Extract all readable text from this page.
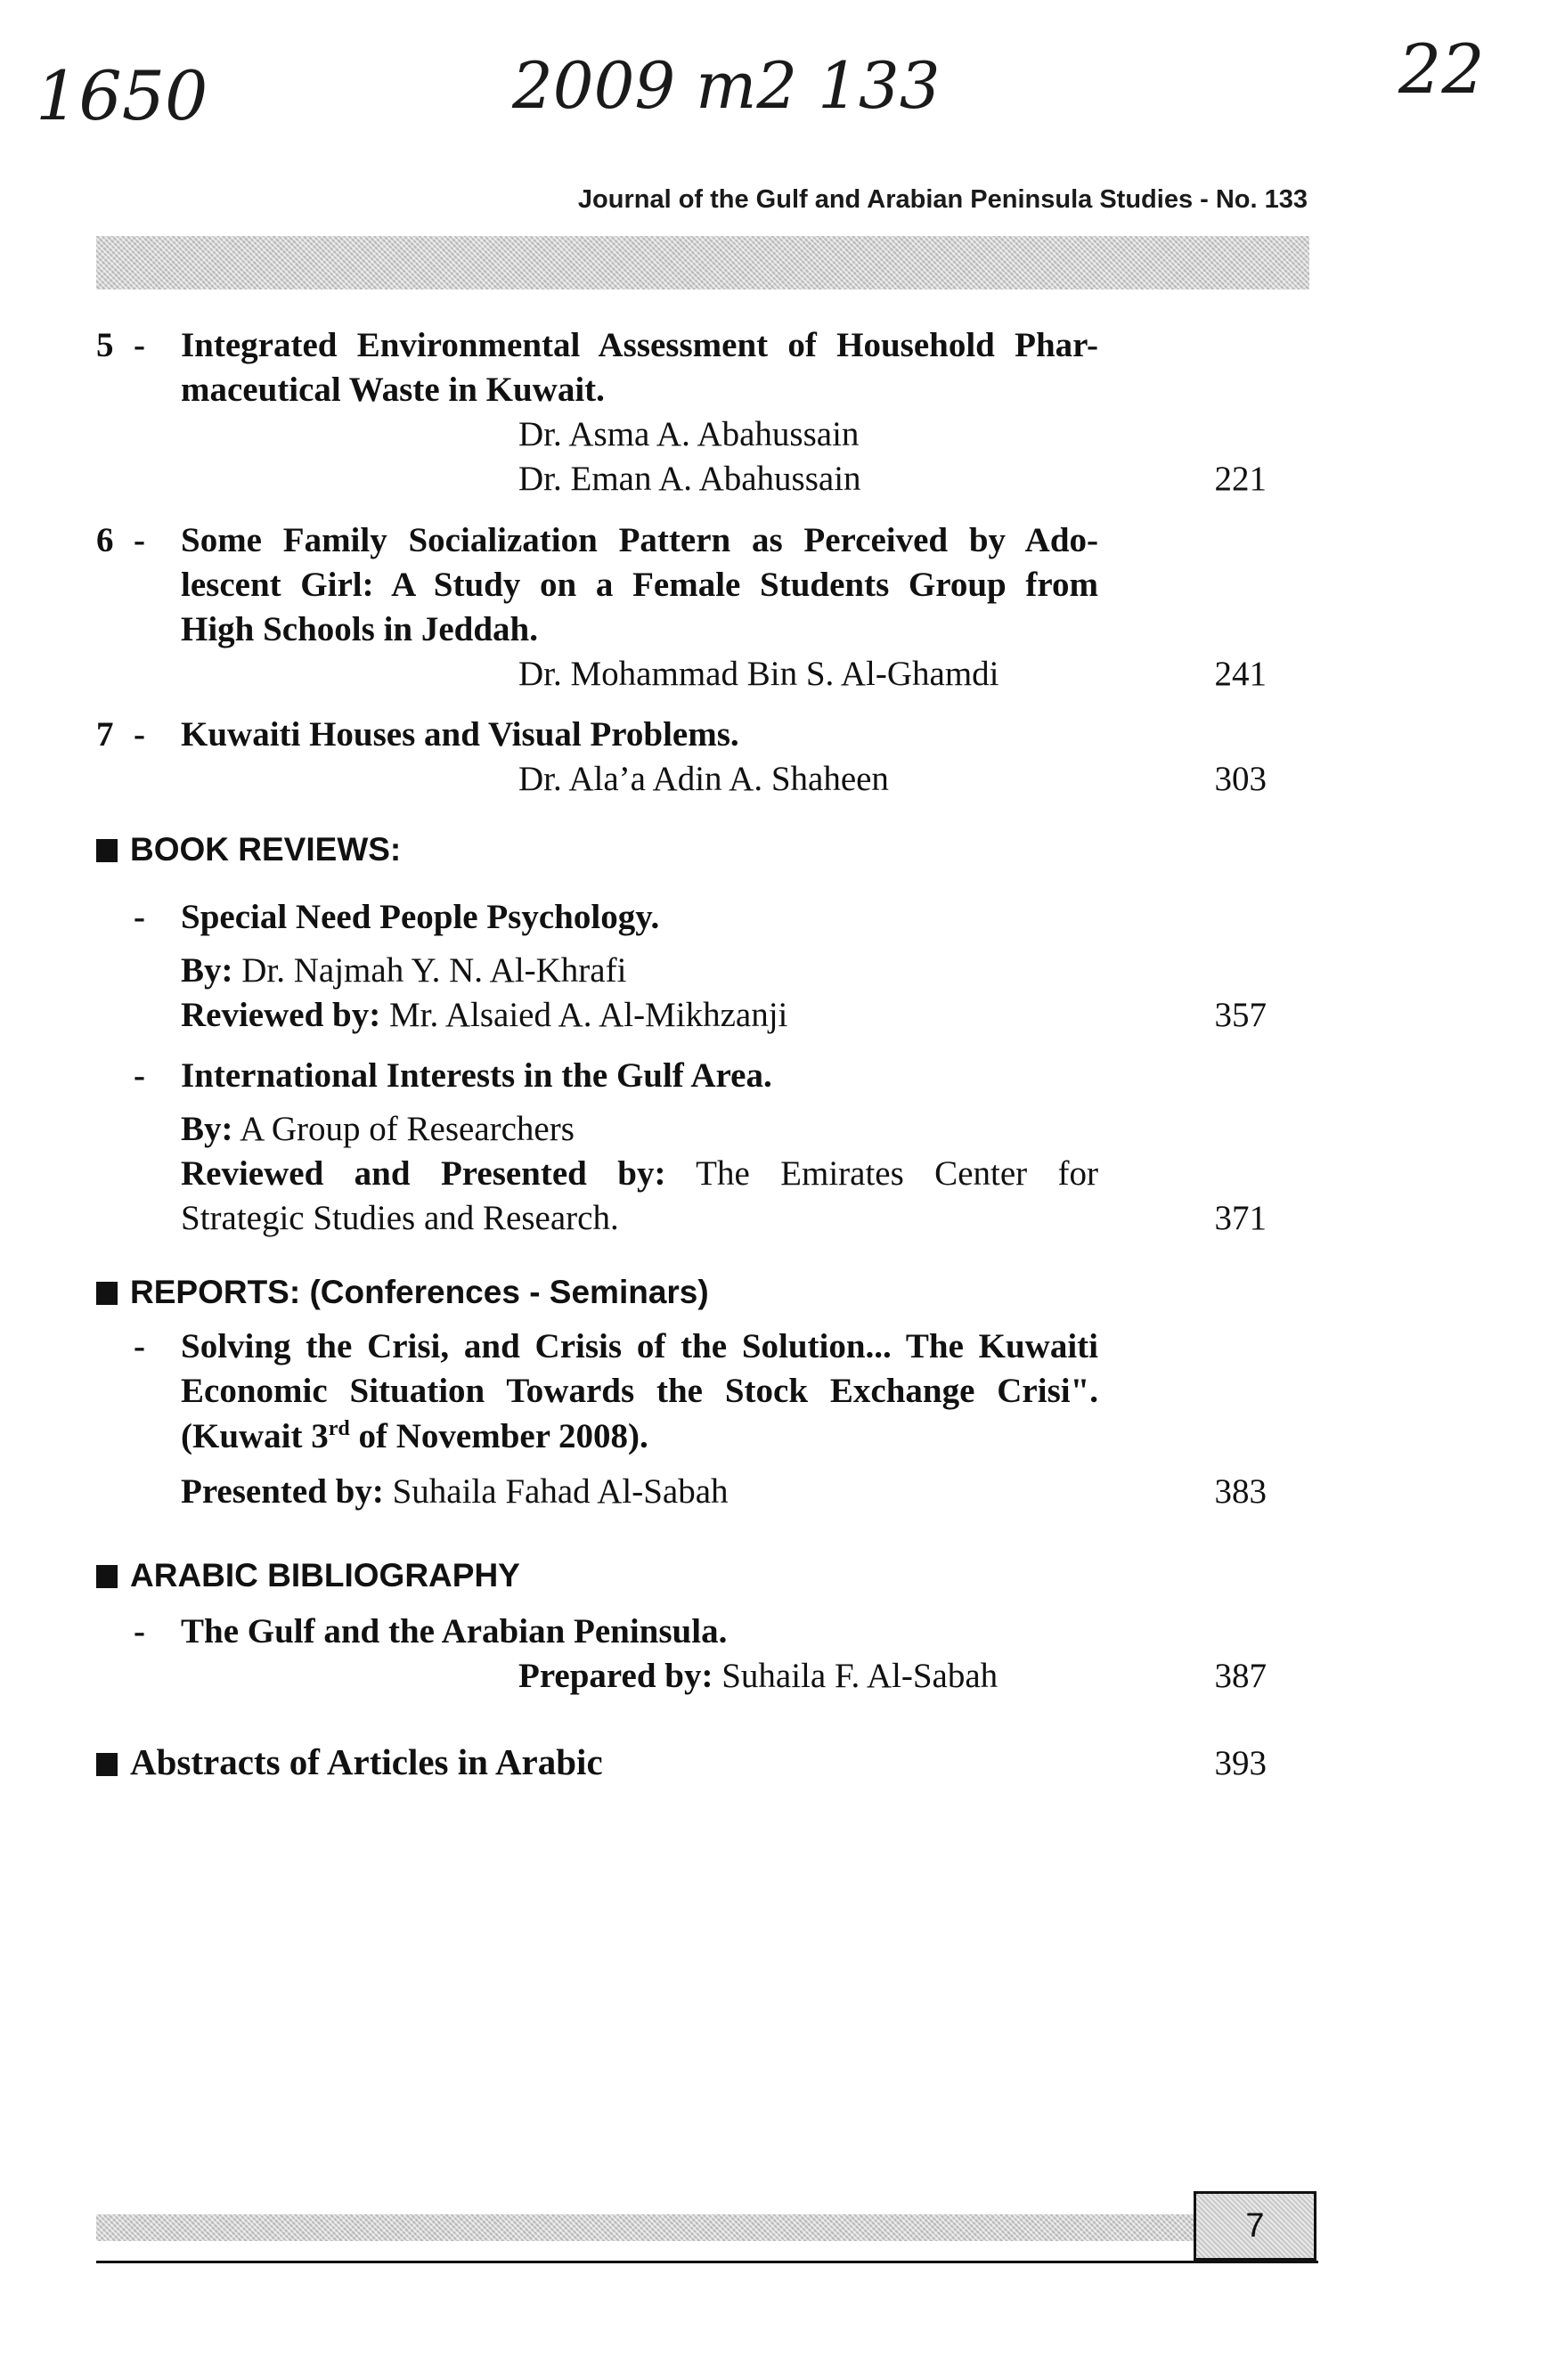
1650	2009 m2 133	22
Journal of the Gulf and Arabian Peninsula Studies - No. 133
5 - Integrated Environmental Assessment of Household Phar-
maceutical Waste in Kuwait.
Dr. Asma A. Abahussain
Dr. Eman A. Abahussain	221
6 - Some Family Socialization Pattern as Perceived by Ado-
lescent Girl: A Study on a Female Students Group from
High Schools in Jeddah.
Dr. Mohammad Bin S. Al-Ghamdi	241
7 - Kuwaiti Houses and Visual Problems.
Dr. Ala’a Adin A. Shaheen	303
BOOK REVIEWS:
- Special Need People Psychology.
By: Dr. Najmah Y. N. Al-Khrafi
Reviewed by: Mr. Alsaied A. Al-Mikhzanji	357
- International Interests in the Gulf Area.
By: A Group of Researchers
Reviewed and Presented by: The Emirates Center for
Strategic Studies and Research.	371
REPORTS: (Conferences - Seminars)
- Solving the Crisi, and Crisis of the Solution... The Kuwaiti
Economic Situation Towards the Stock Exchange Crisi".
(Kuwait 3rd of November 2008).
Presented by: Suhaila Fahad Al-Sabah	383
ARABIC BIBLIOGRAPHY
- The Gulf and the Arabian Peninsula.
Prepared by: Suhaila F. Al-Sabah	387
Abstracts of Articles in Arabic	393
7
